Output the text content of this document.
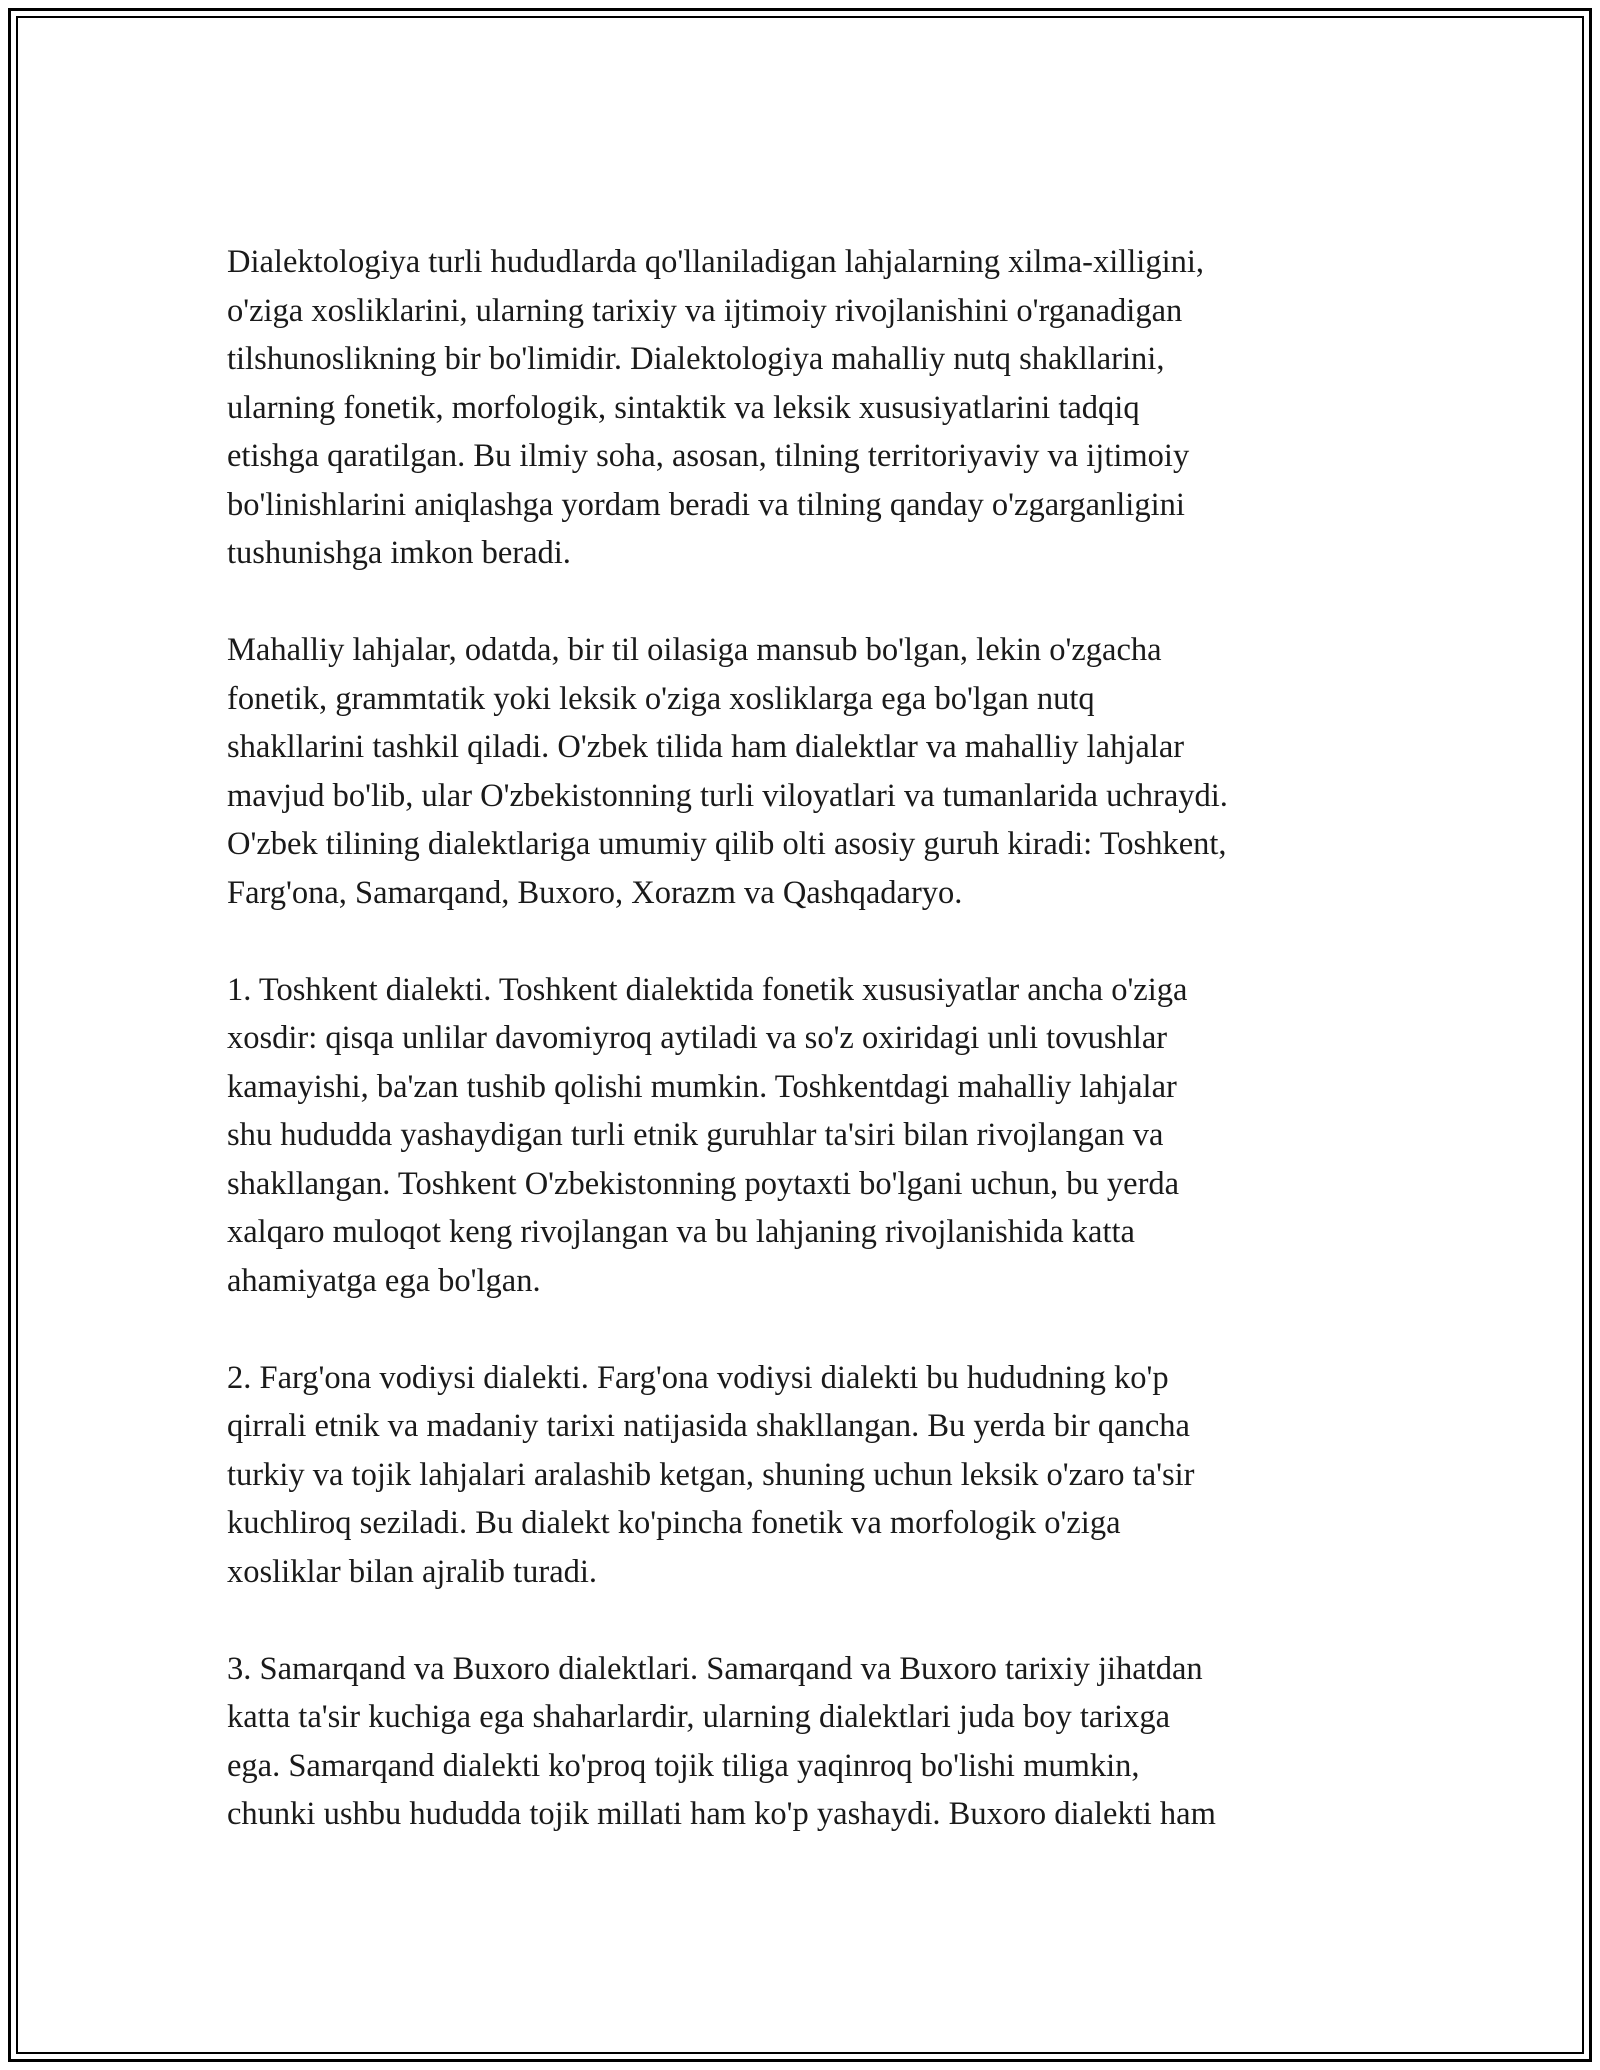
Dialektologiya turli hududlarda qo'llaniladigan lahjalarning xilma-xilligini,
o'ziga xosliklarini, ularning tarixiy va ijtimoiy rivojlanishini o'rganadigan
tilshunoslikning bir bo'limidir. Dialektologiya mahalliy nutq shakllarini,
ularning fonetik, morfologik, sintaktik va leksik xususiyatlarini tadqiq
etishga qaratilgan. Bu ilmiy soha, asosan, tilning territoriyaviy va ijtimoiy
bo'linishlarini aniqlashga yordam beradi va tilning qanday o'zgarganligini
tushunishga imkon beradi.

Mahalliy lahjalar, odatda, bir til oilasiga mansub bo'lgan, lekin o'zgacha
fonetik, grammtatik yoki leksik o'ziga xosliklarga ega bo'lgan nutq
shakllarini tashkil qiladi. O'zbek tilida ham dialektlar va mahalliy lahjalar
mavjud bo'lib, ular O'zbekistonning turli viloyatlari va tumanlarida uchraydi.
O'zbek tilining dialektlariga umumiy qilib olti asosiy guruh kiradi: Toshkent,
Farg'ona, Samarqand, Buxoro, Xorazm va Qashqadaryo.

1. Toshkent dialekti. Toshkent dialektida fonetik xususiyatlar ancha o'ziga
xosdir: qisqa unlilar davomiyroq aytiladi va so'z oxiridagi unli tovushlar
kamayishi, ba'zan tushib qolishi mumkin. Toshkentdagi mahalliy lahjalar
shu hududda yashaydigan turli etnik guruhlar ta'siri bilan rivojlangan va
shakllangan. Toshkent O'zbekistonning poytaxti bo'lgani uchun, bu yerda
xalqaro muloqot keng rivojlangan va bu lahjaning rivojlanishida katta
ahamiyatga ega bo'lgan.

2. Farg'ona vodiysi dialekti. Farg'ona vodiysi dialekti bu hududning ko'p
qirrali etnik va madaniy tarixi natijasida shakllangan. Bu yerda bir qancha
turkiy va tojik lahjalari aralashib ketgan, shuning uchun leksik o'zaro ta'sir
kuchliroq seziladi. Bu dialekt ko'pincha fonetik va morfologik o'ziga
xosliklar bilan ajralib turadi.

3. Samarqand va Buxoro dialektlari. Samarqand va Buxoro tarixiy jihatdan
katta ta'sir kuchiga ega shaharlardir, ularning dialektlari juda boy tarixga
ega. Samarqand dialekti ko'proq tojik tiliga yaqinroq bo'lishi mumkin,
chunki ushbu hududda tojik millati ham ko'p yashaydi. Buxoro dialekti ham
